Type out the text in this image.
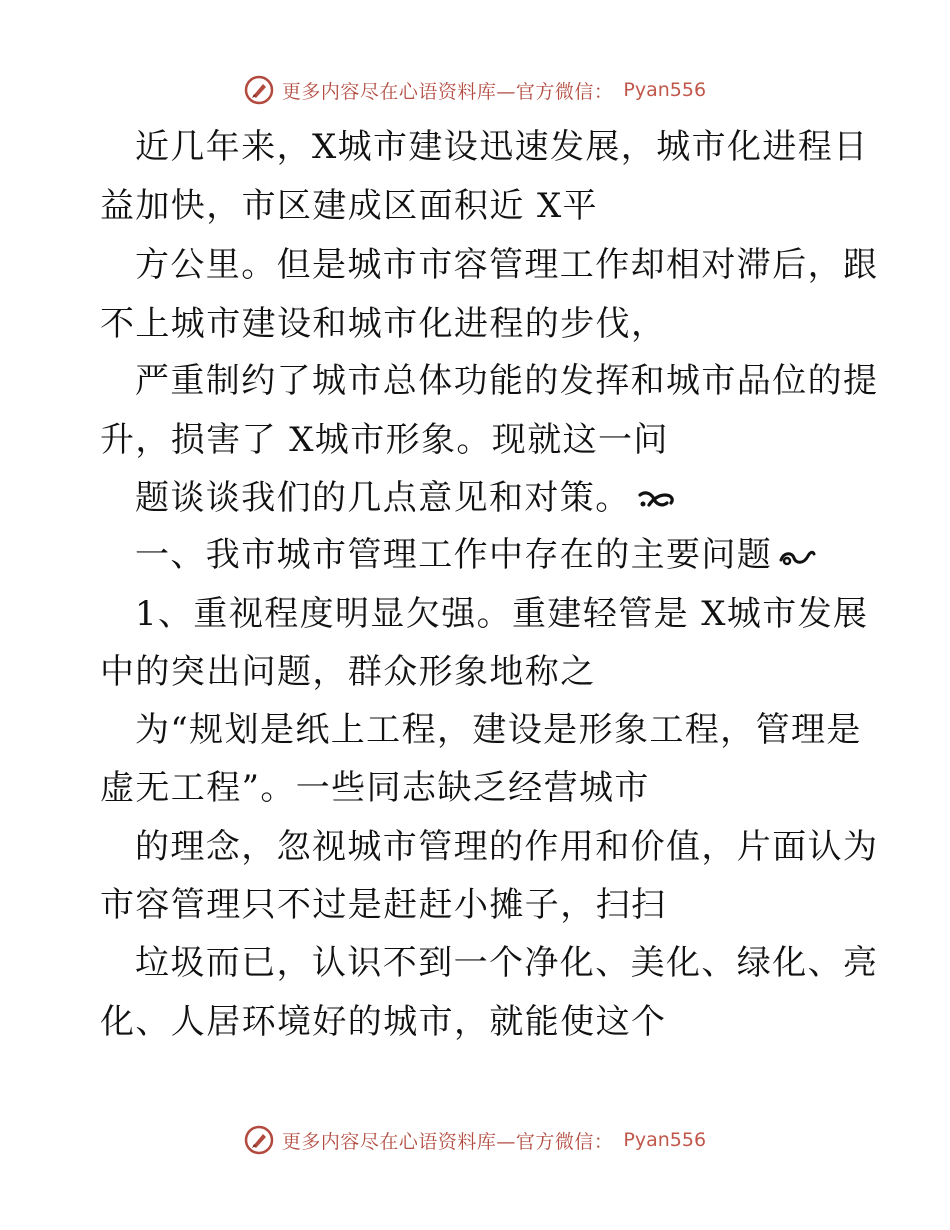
更多内容尽在心语资料库—官方微信： Pyan556
近几年来，X城市建设迅速发展，城市化进程日
益加快，市区建成区面积近 X平
方公里。但是城市市容管理工作却相对滞后，跟
不上城市建设和城市化进程的步伐，
严重制约了城市总体功能的发挥和城市品位的提
升，损害了 X城市形象。现就这一问
题谈谈我们的几点意见和对策。
一、我市城市管理工作中存在的主要问题
1、重视程度明显欠强。重建轻管是 X城市发展
中的突出问题，群众形象地称之
为“规划是纸上工程，建设是形象工程，管理是
虚无工程”。一些同志缺乏经营城市
的理念，忽视城市管理的作用和价值，片面认为
市容管理只不过是赶赶小摊子，扫扫
垃圾而已，认识不到一个净化、美化、绿化、亮
化、人居环境好的城市，就能使这个
更多内容尽在心语资料库—官方微信： Pyan556
